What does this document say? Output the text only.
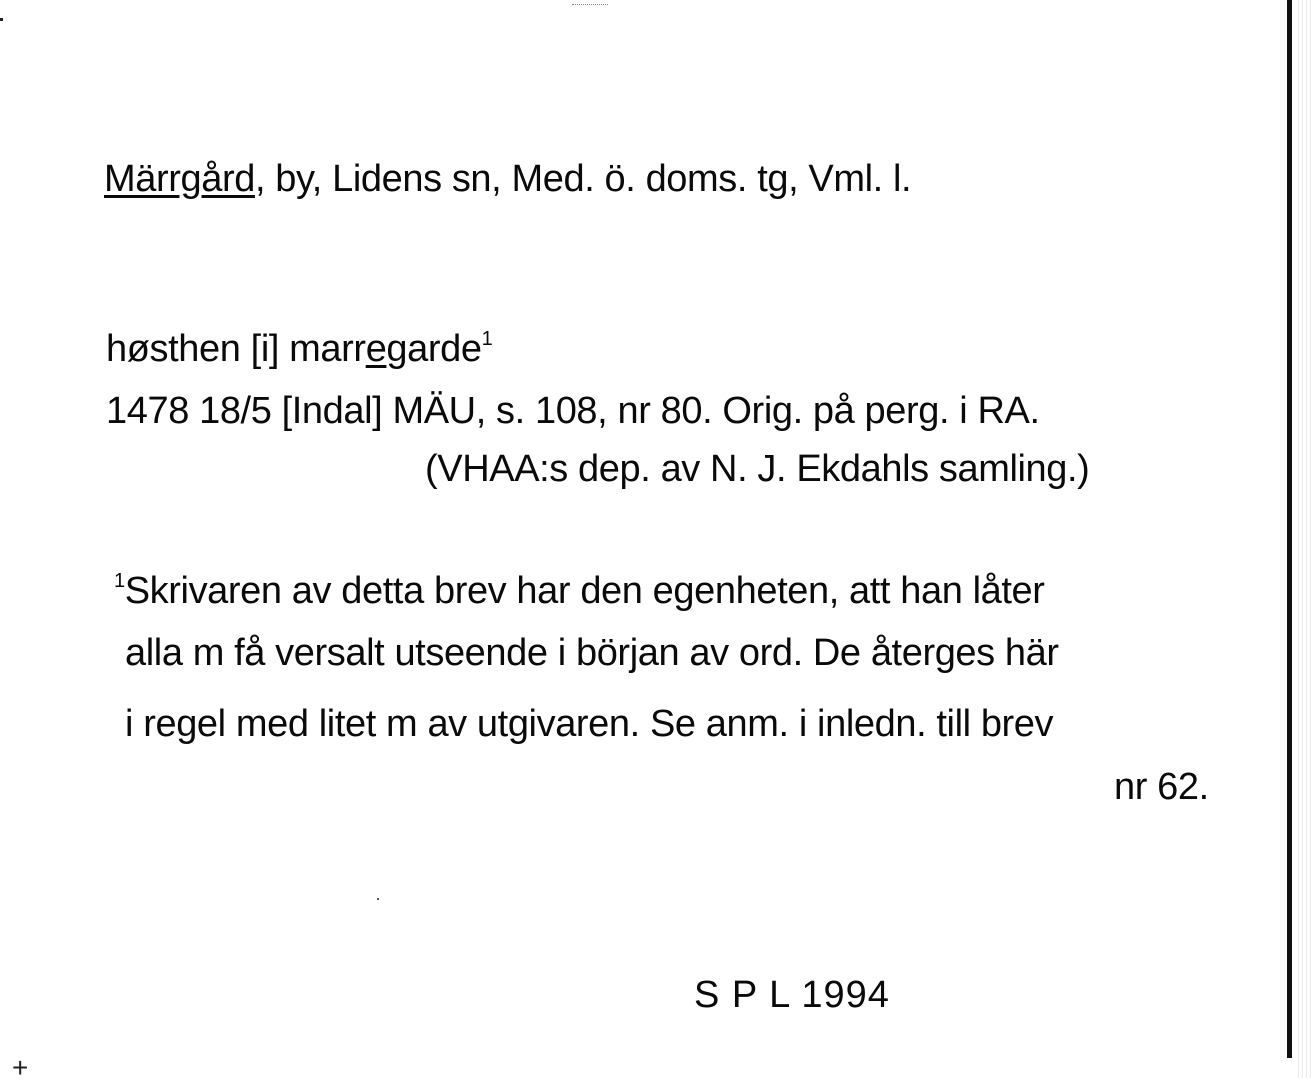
Märrgård, by, Lidens sn, Med. ö. doms. tg, Vml. l.
høsthen [i] marregarde$^1$
1478 18/5 [Indal] MÄU, s. 108, nr 80. Orig. på perg. i RA.
(VHAA:s dep. av N. J. Ekdahls samling.)
$^1$Skrivaren av detta brev har den egenheten, att han låter
alla m få versalt utseende i början av ord. De återges här
i regel med litet m av utgivaren. Se anm. i inledn. till brev
nr 62.
S P L 1994
+
